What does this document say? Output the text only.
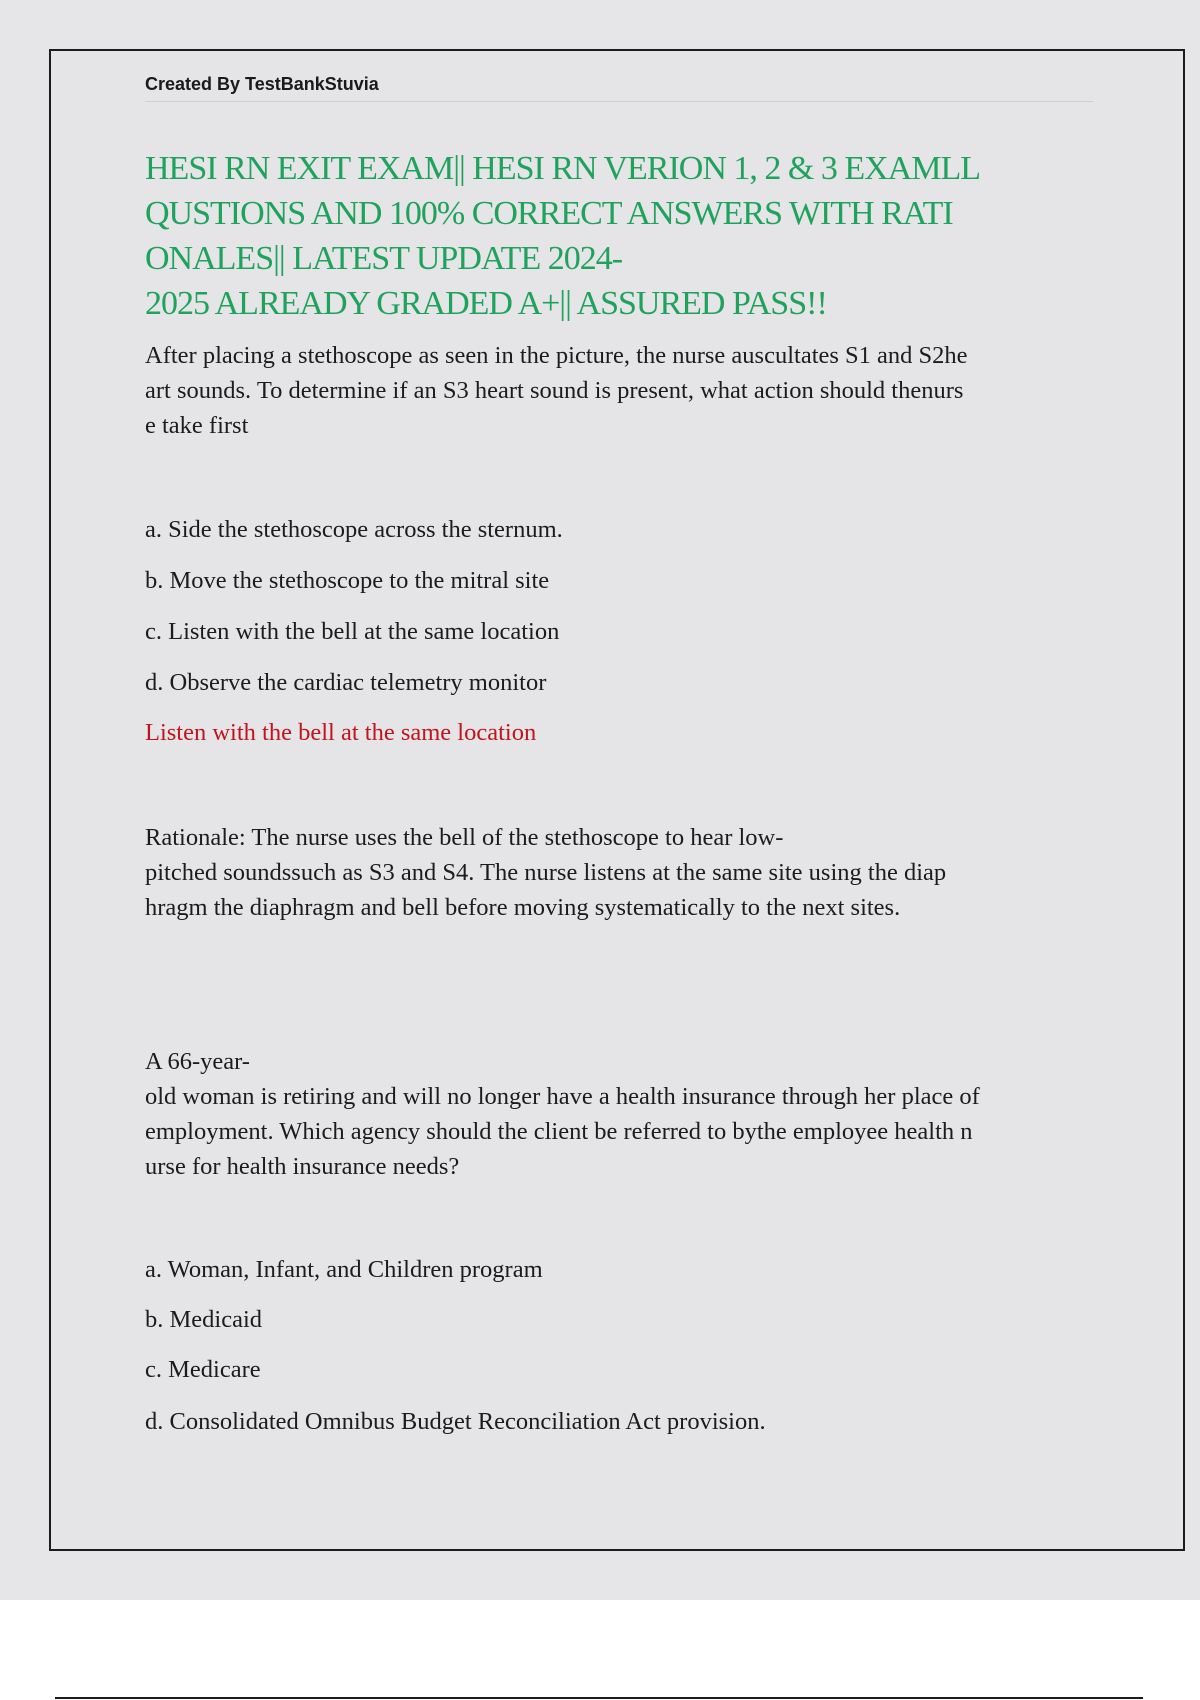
Created By TestBankStuvia
HESI RN EXIT EXAM|| HESI RN VERION 1, 2 & 3 EXAMLL
QUSTIONS AND 100% CORRECT ANSWERS WITH RATI
ONALES|| LATEST UPDATE 2024-
2025 ALREADY GRADED A+|| ASSURED PASS!!
After placing a stethoscope as seen in the picture, the nurse auscultates S1 and S2he
art sounds. To determine if an S3 heart sound is present, what action should thenurs
e take first
a. Side the stethoscope across the sternum.
b. Move the stethoscope to the mitral site
c. Listen with the bell at the same location
d. Observe the cardiac telemetry monitor
Listen with the bell at the same location
Rationale: The nurse uses the bell of the stethoscope to hear low-
pitched soundssuch as S3 and S4. The nurse listens at the same site using the diap
hragm the diaphragm and bell before moving systematically to the next sites.
A 66-year-
old woman is retiring and will no longer have a health insurance through her place of
employment. Which agency should the client be referred to bythe employee health n
urse for health insurance needs?
a. Woman, Infant, and Children program
b. Medicaid
c. Medicare
d. Consolidated Omnibus Budget Reconciliation Act provision.
